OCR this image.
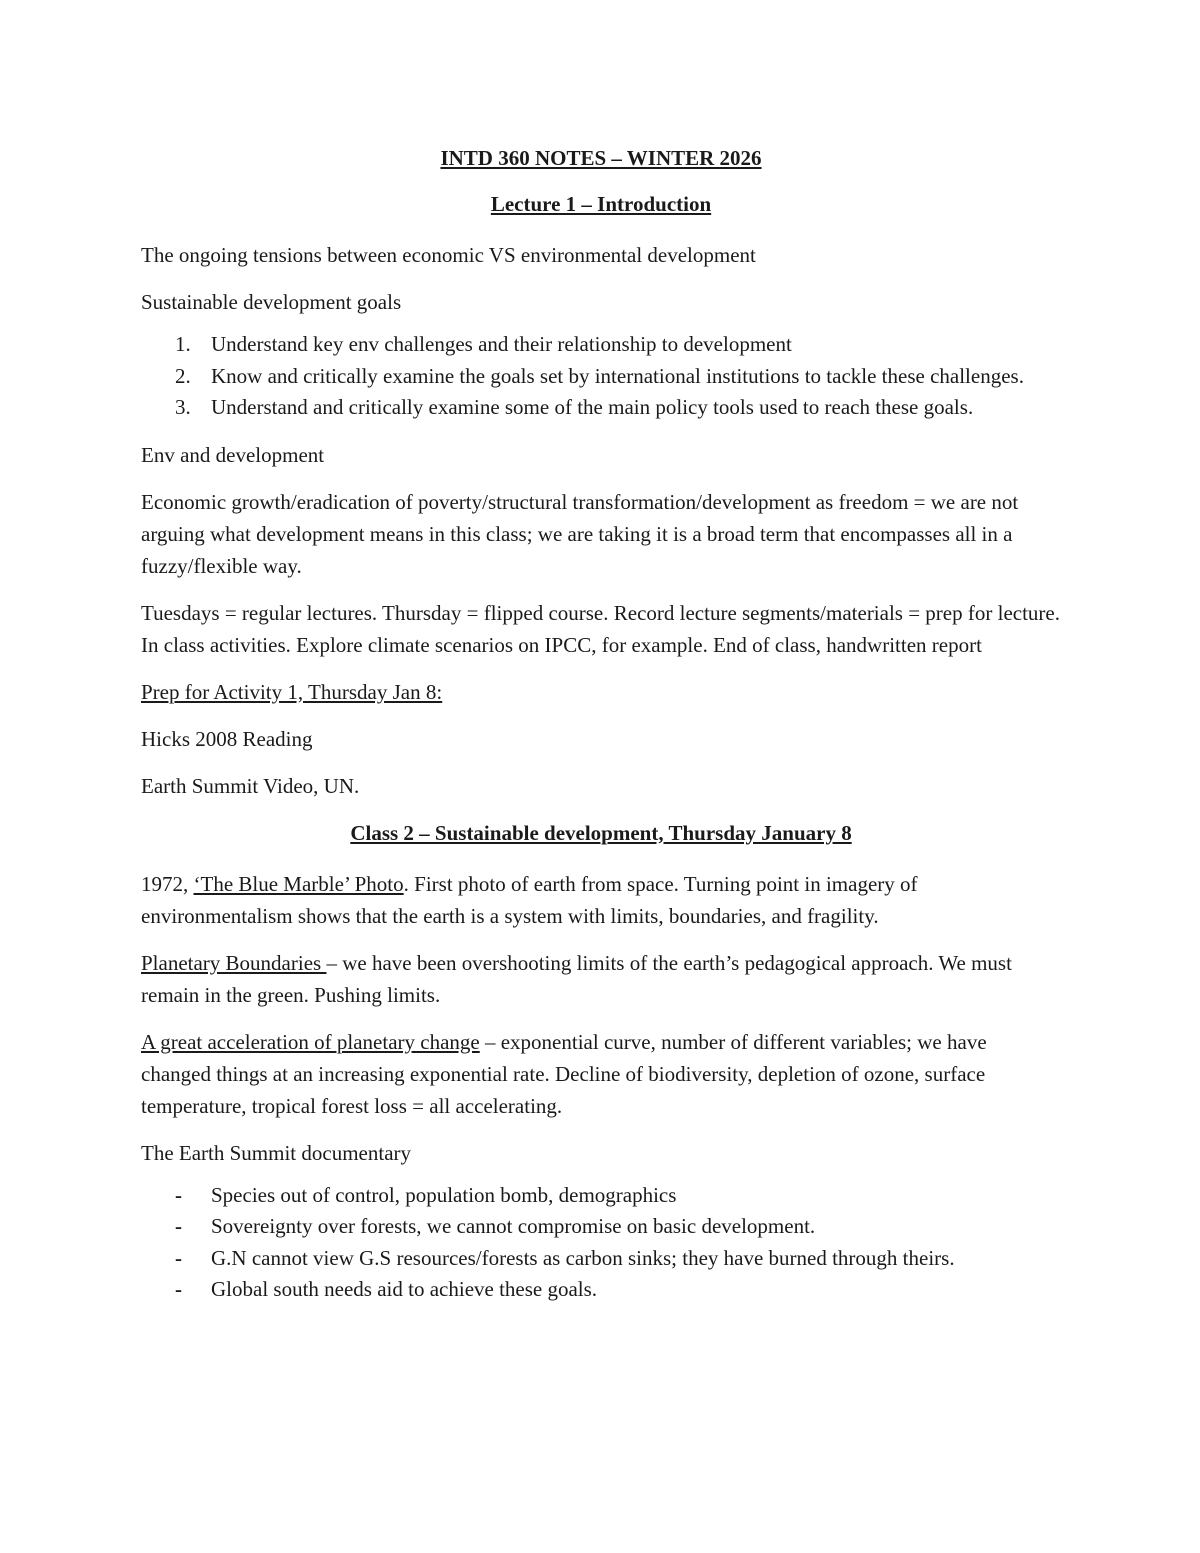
INTD 360 NOTES – WINTER 2026
Lecture 1 – Introduction

The ongoing tensions between economic VS environmental development

Sustainable development goals

1. Understand key env challenges and their relationship to development
2. Know and critically examine the goals set by international institutions to tackle these challenges.
3. Understand and critically examine some of the main policy tools used to reach these goals.

Env and development

Economic growth/eradication of poverty/structural transformation/development as freedom = we are not arguing what development means in this class; we are taking it is a broad term that encompasses all in a fuzzy/flexible way.

Tuesdays = regular lectures. Thursday = flipped course. Record lecture segments/materials = prep for lecture. In class activities. Explore climate scenarios on IPCC, for example. End of class, handwritten report

Prep for Activity 1, Thursday Jan 8:

Hicks 2008 Reading

Earth Summit Video, UN.

Class 2 – Sustainable development, Thursday January 8

1972, ‘The Blue Marble’ Photo. First photo of earth from space. Turning point in imagery of environmentalism shows that the earth is a system with limits, boundaries, and fragility.

Planetary Boundaries – we have been overshooting limits of the earth’s pedagogical approach. We must remain in the green. Pushing limits.

A great acceleration of planetary change – exponential curve, number of different variables; we have changed things at an increasing exponential rate. Decline of biodiversity, depletion of ozone, surface temperature, tropical forest loss = all accelerating.

The Earth Summit documentary

- Species out of control, population bomb, demographics
- Sovereignty over forests, we cannot compromise on basic development.
- G.N cannot view G.S resources/forests as carbon sinks; they have burned through theirs.
- Global south needs aid to achieve these goals.
